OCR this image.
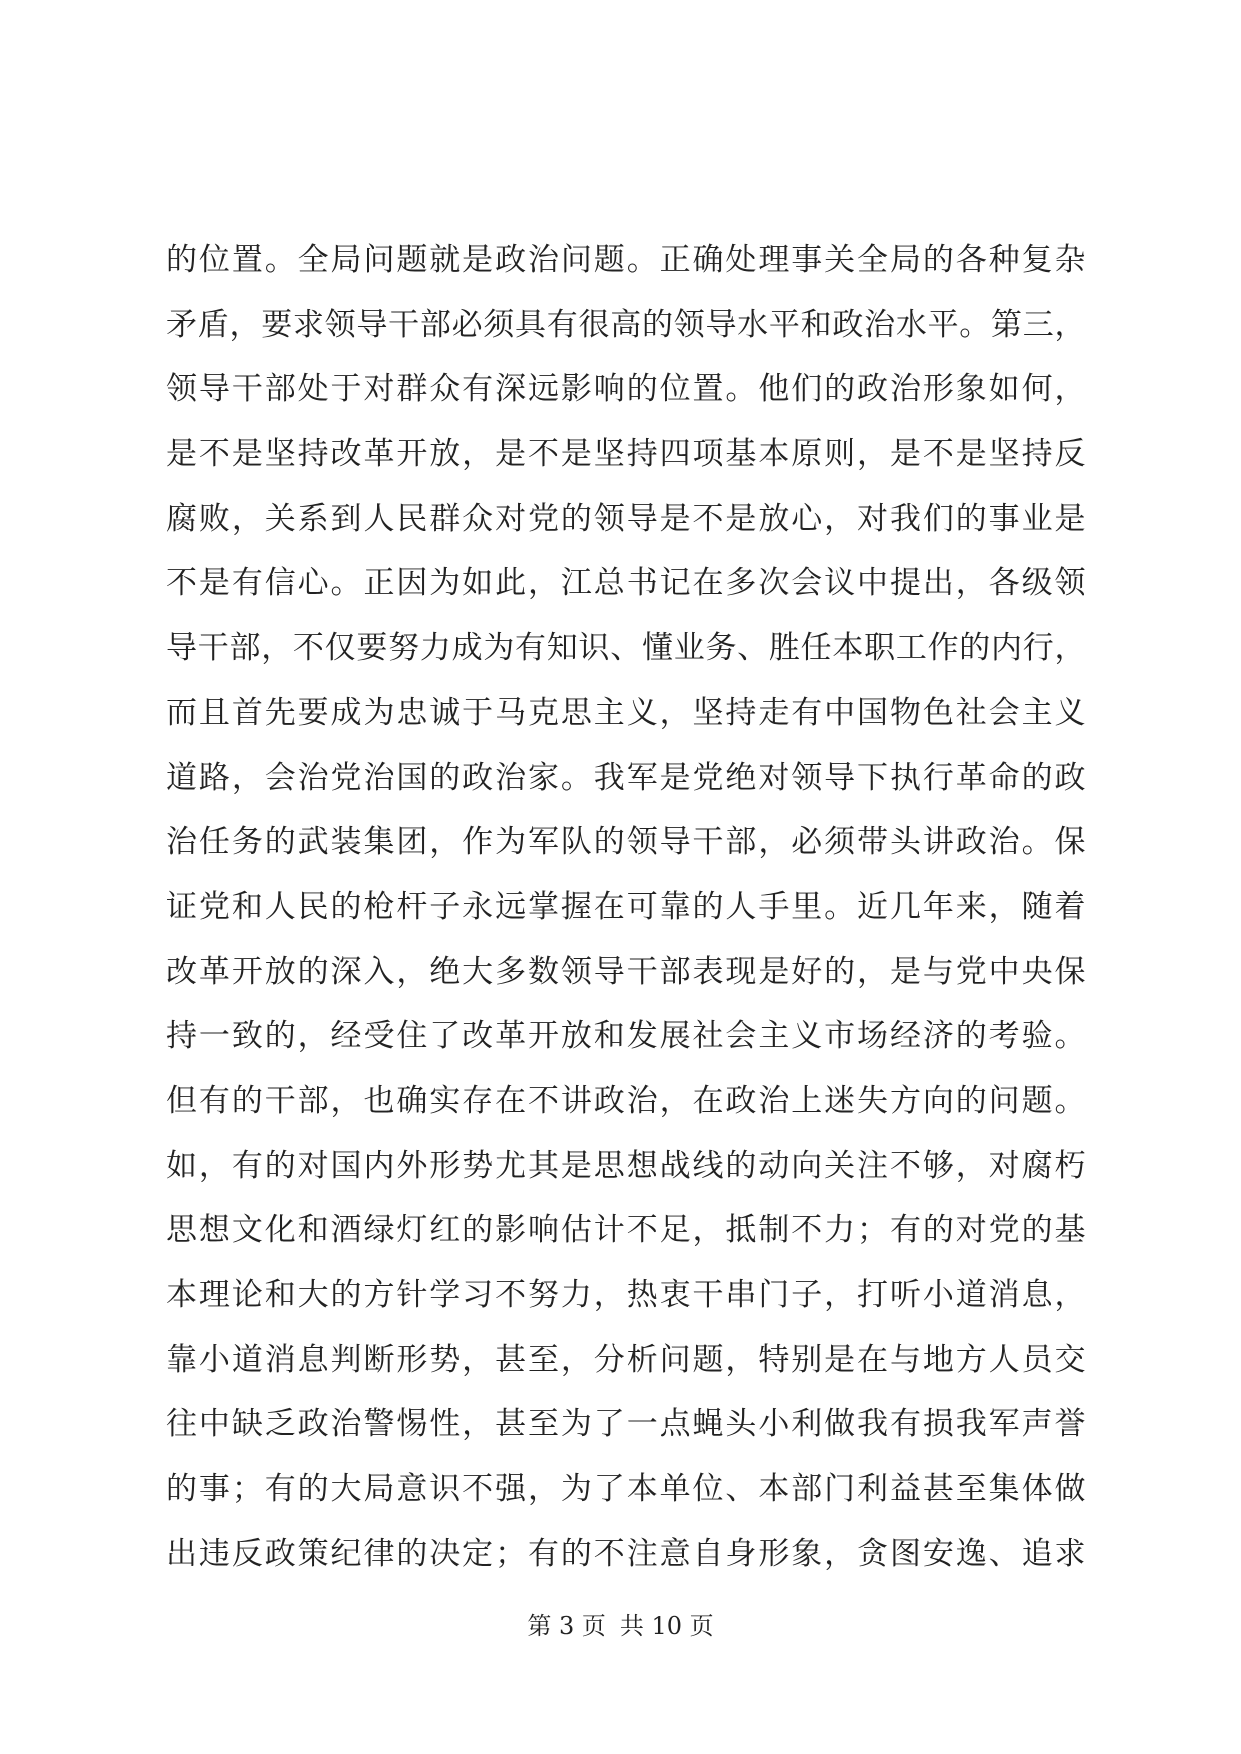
的位置。全局问题就是政治问题。正确处理事关全局的各种复杂
矛盾，要求领导干部必须具有很高的领导水平和政治水平。第三，
领导干部处于对群众有深远影响的位置。他们的政治形象如何，
是不是坚持改革开放，是不是坚持四项基本原则，是不是坚持反
腐败，关系到人民群众对党的领导是不是放心，对我们的事业是
不是有信心。正因为如此，江总书记在多次会议中提出，各级领
导干部，不仅要努力成为有知识、懂业务、胜任本职工作的内行，
而且首先要成为忠诚于马克思主义，坚持走有中国物色社会主义
道路，会治党治国的政治家。我军是党绝对领导下执行革命的政
治任务的武装集团，作为军队的领导干部，必须带头讲政治。保
证党和人民的枪杆子永远掌握在可靠的人手里。近几年来，随着
改革开放的深入，绝大多数领导干部表现是好的，是与党中央保
持一致的，经受住了改革开放和发展社会主义市场经济的考验。
但有的干部，也确实存在不讲政治，在政治上迷失方向的问题。
如，有的对国内外形势尤其是思想战线的动向关注不够，对腐朽
思想文化和酒绿灯红的影响估计不足，抵制不力；有的对党的基
本理论和大的方针学习不努力，热衷干串门子，打听小道消息，
靠小道消息判断形势，甚至，分析问题，特别是在与地方人员交
往中缺乏政治警惕性，甚至为了一点蝇头小利做我有损我军声誉
的事；有的大局意识不强，为了本单位、本部门利益甚至集体做
出违反政策纪律的决定；有的不注意自身形象，贪图安逸、追求
第 3 页 共 10 页
